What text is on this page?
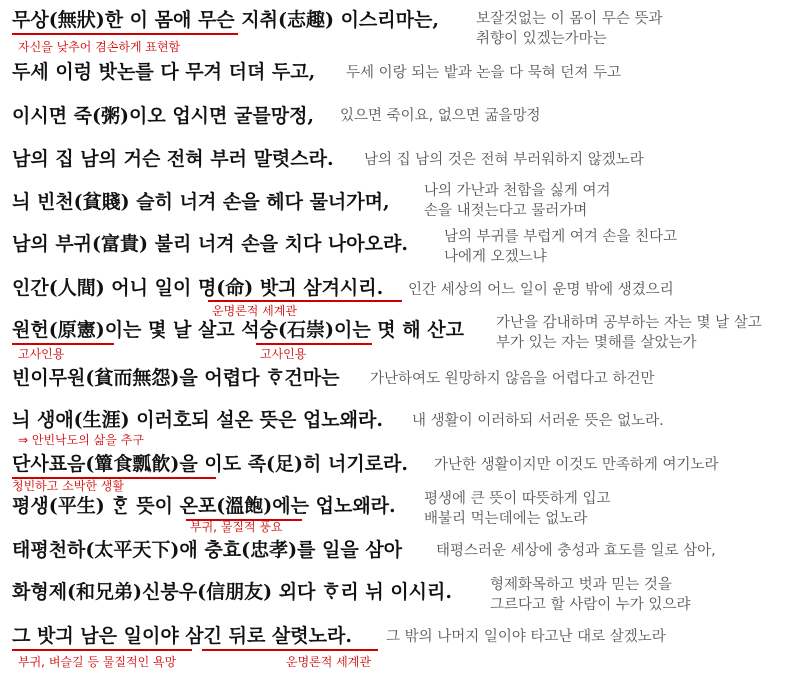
무상(無狀)한 이 몸애 무슨 지취(志趣) 이스리마는,
두세 이렁 밧논를 다 무겨 더뎌 두고,
이시면 죽(粥)이오 업시면 굴믈망정,
남의 집 남의 거슨 전혀 부러 말렷스라.
늬 빈천(貧賤) 슬히 너겨 손을 헤다 물너가며,
남의 부귀(富貴) 불리 너겨 손을 치다 나아오랴.
인간(人間) 어니 일이 명(命) 밧긔 삼겨시리.
원헌(原憲)이는 몇 날 살고 석숭(石崇)이는 몃 해 산고
빈이무원(貧而無怨)을 어렵다 ᄒᆞ건마는
늬 생애(生涯) 이러호되 설온 뜻은 업노왜라.
단사표음(簞食瓢飮)을 이도 족(足)히 너기로라.
평생(平生) ᄒᆞᆫ 뜻이 온포(溫飽)에는 업노왜라.
태평천하(太平天下)애 충효(忠孝)를 일을 삼아
화형제(和兄弟)신붕우(信朋友) 외다 ᄒᆞ리 뉘 이시리.
그 밧긔 남은 일이야 삼긴 뒤로 살렷노라.
보잘것없는 이 몸이 무슨 뜻과
취향이 있겠는가마는
두세 이랑 되는 밭과 논을 다 묵혀 던져 두고
있으면 죽이요, 없으면 굶을망정
남의 집 남의 것은 전혀 부러워하지 않겠노라
나의 가난과 천함을 싫게 여겨
손을 내젓는다고 물러가며
남의 부귀를 부럽게 여겨 손을 친다고
나에게 오겠느냐
인간 세상의 어느 일이 운명 밖에 생겼으리
가난을 감내하며 공부하는 자는 몇 날 살고
부가 있는 자는 몇해를 살았는가
가난하여도 원망하지 않음을 어렵다고 하건만
내 생활이 이러하되 서러운 뜻은 없노라.
가난한 생활이지만 이것도 만족하게 여기노라
평생에 큰 뜻이 따뜻하게 입고
배불리 먹는데에는 없노라
태평스러운 세상에 충성과 효도를 일로 삼아,
형제화목하고 벗과 믿는 것을
그르다고 할 사람이 누가 있으랴
그 밖의 나머지 일이야 타고난 대로 살겠노라
자신을 낮추어 겸손하게 표현함
운명론적 세계관
고사인용	고사인용
⇒ 안빈낙도의 삶을 추구
청빈하고 소박한 생활
부귀, 물질적 풍요
부귀, 벼슬길 등 물질적인 욕망	운명론적 세계관
